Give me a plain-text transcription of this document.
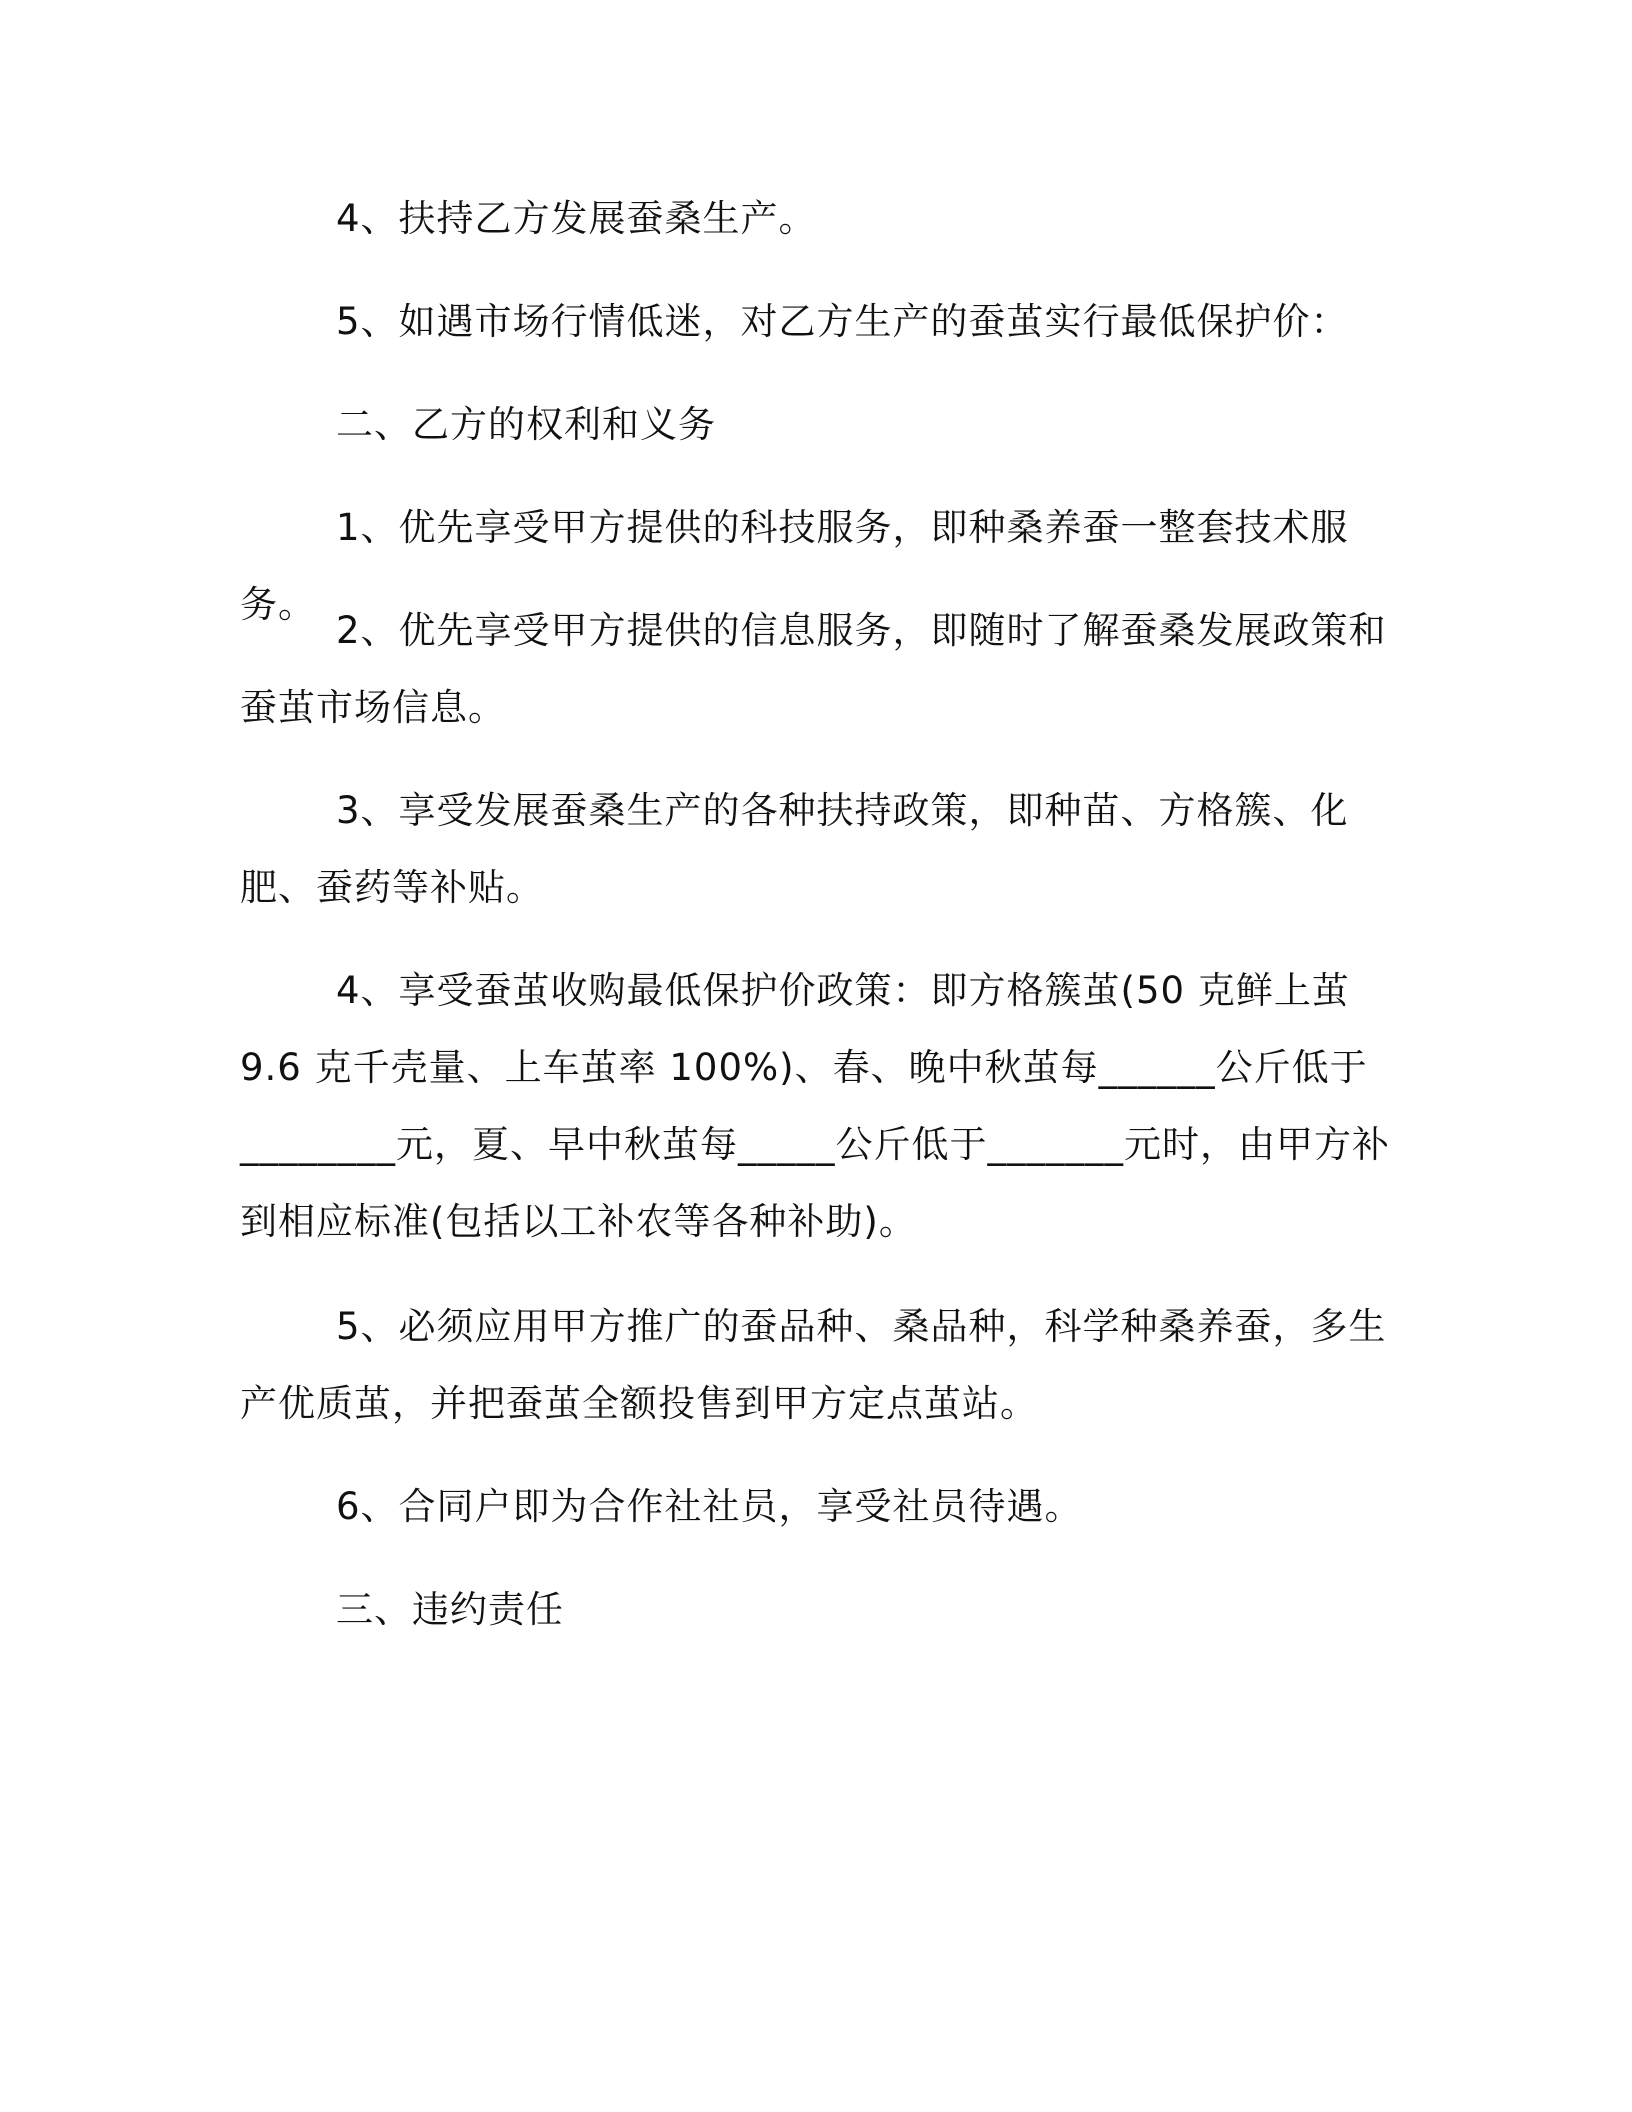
4、扶持乙方发展蚕桑生产。

5、如遇市场行情低迷，对乙方生产的蚕茧实行最低保护价：

二、乙方的权利和义务

1、优先享受甲方提供的科技服务，即种桑养蚕一整套技术服务。

2、优先享受甲方提供的信息服务，即随时了解蚕桑发展政策和蚕茧市场信息。

3、享受发展蚕桑生产的各种扶持政策，即种苗、方格簇、化肥、蚕药等补贴。

4、享受蚕茧收购最低保护价政策：即方格簇茧(50 克鲜上茧 9.6 克千壳量、上车茧率 100%)、春、晚中秋茧每______公斤低于________元，夏、早中秋茧每_____公斤低于_______元时，由甲方补到相应标准(包括以工补农等各种补助)。

5、必须应用甲方推广的蚕品种、桑品种，科学种桑养蚕，多生产优质茧，并把蚕茧全额投售到甲方定点茧站。

6、合同户即为合作社社员，享受社员待遇。

三、违约责任
